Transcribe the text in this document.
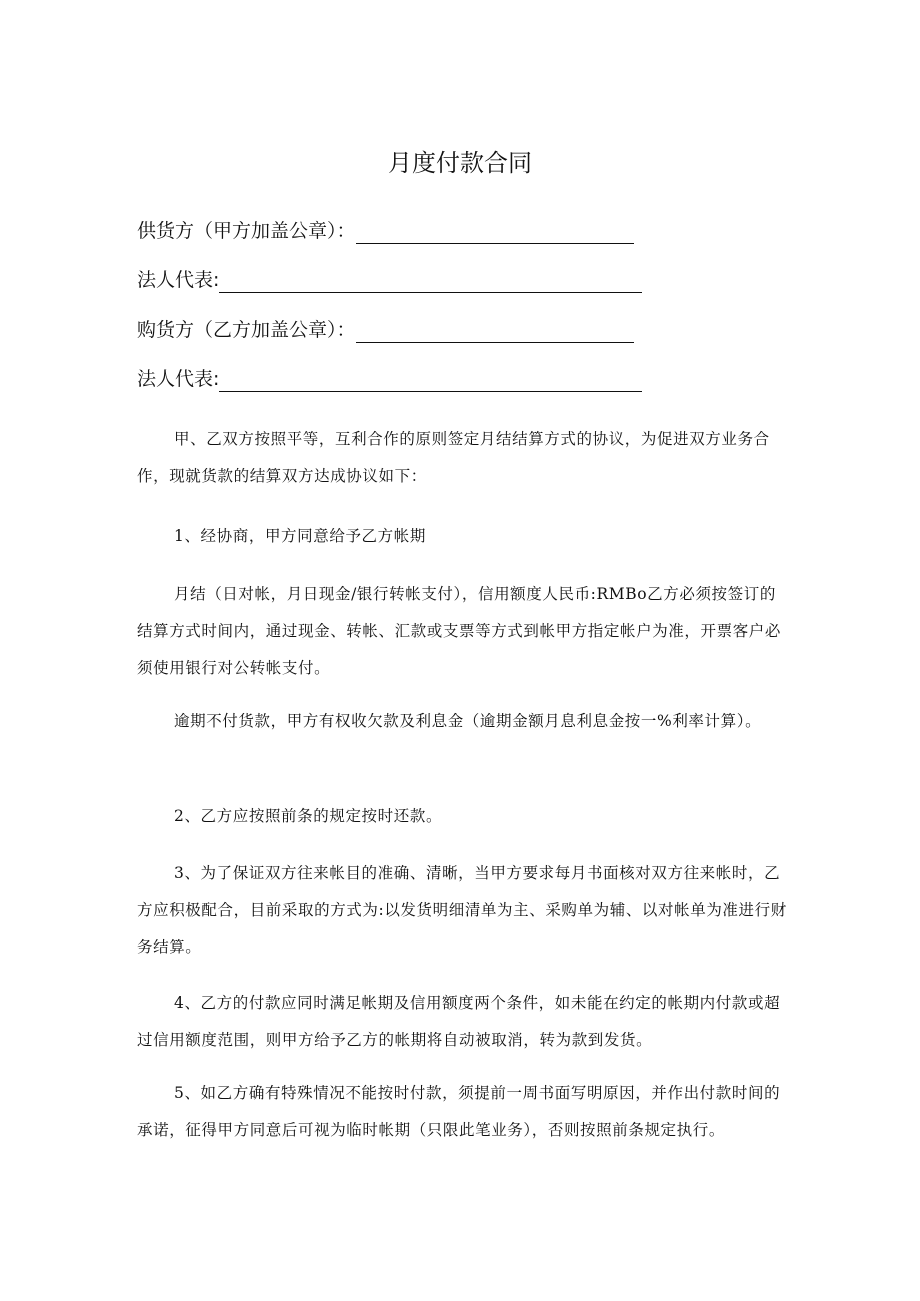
月度付款合同
供货方（甲方加盖公章）：
法人代表:
购货方（乙方加盖公章）：
法人代表:

甲、乙双方按照平等，互利合作的原则签定月结结算方式的协议，为促进双方业务合作，现就货款的结算双方达成协议如下：

1、经协商，甲方同意给予乙方帐期

月结（日对帐，月日现金/银行转帐支付），信用额度人民币:RMBo乙方必须按签订的结算方式时间内，通过现金、转帐、汇款或支票等方式到帐甲方指定帐户为准，开票客户必须使用银行对公转帐支付。

逾期不付货款，甲方有权收欠款及利息金（逾期金额月息利息金按一%利率计算）。

2、乙方应按照前条的规定按时还款。

3、为了保证双方往来帐目的准确、清晰，当甲方要求每月书面核对双方往来帐时，乙方应积极配合，目前采取的方式为:以发货明细清单为主、采购单为辅、以对帐单为准进行财务结算。

4、乙方的付款应同时满足帐期及信用额度两个条件，如未能在约定的帐期内付款或超过信用额度范围，则甲方给予乙方的帐期将自动被取消，转为款到发货。

5、如乙方确有特殊情况不能按时付款，须提前一周书面写明原因，并作出付款时间的承诺，征得甲方同意后可视为临时帐期（只限此笔业务），否则按照前条规定执行。
